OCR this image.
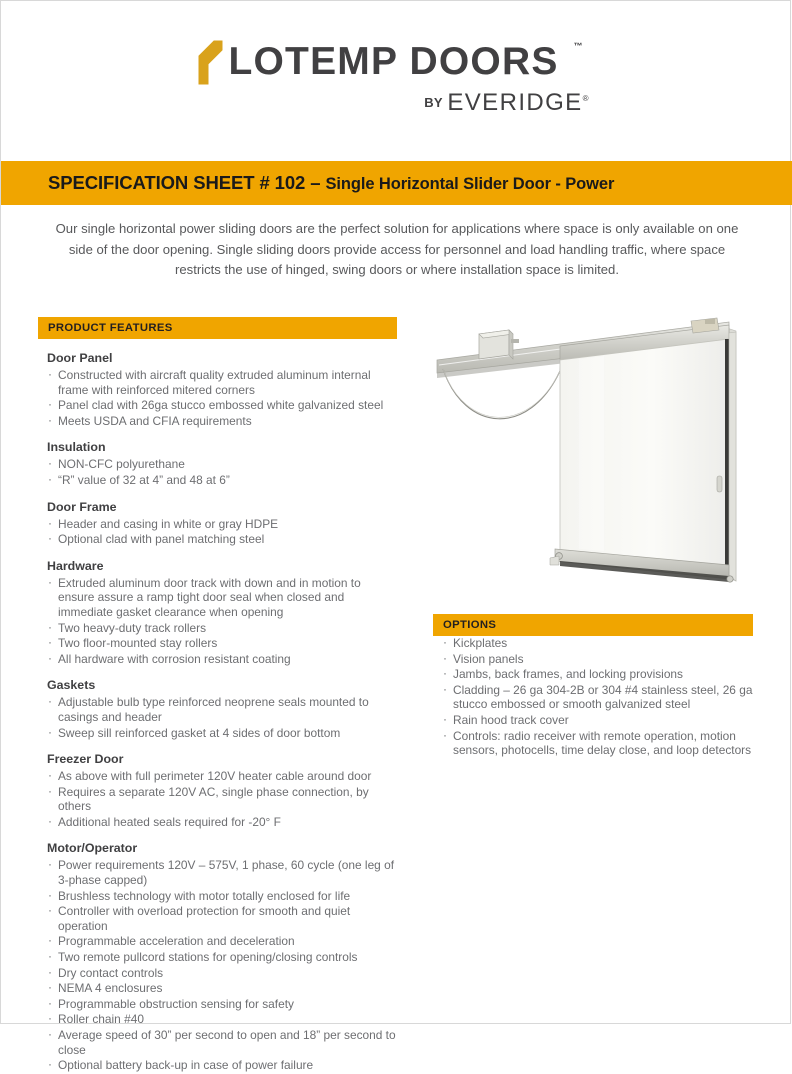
LOTEMP DOORS ™
BY EVERIDGE®
SPECIFICATION SHEET # 102 – Single Horizontal Slider Door - Power
Our single horizontal power sliding doors are the perfect solution for applications where space is only available on one side of the door opening. Single sliding doors provide access for personnel and load handling traffic, where space restricts the use of hinged, swing doors or where installation space is limited.
PRODUCT FEATURES
Door Panel
· Constructed with aircraft quality extruded aluminum internal frame with reinforced mitered corners
· Panel clad with 26ga stucco embossed white galvanized steel
· Meets USDA and CFIA requirements
Insulation
· NON-CFC polyurethane
· “R” value of 32 at 4” and 48 at 6”
Door Frame
· Header and casing in white or gray HDPE
· Optional clad with panel matching steel
Hardware
· Extruded aluminum door track with down and in motion to ensure assure a ramp tight door seal when closed and immediate gasket clearance when opening
· Two heavy-duty track rollers
· Two floor-mounted stay rollers
· All hardware with corrosion resistant coating
Gaskets
· Adjustable bulb type reinforced neoprene seals mounted to casings and header
· Sweep sill reinforced gasket at 4 sides of door bottom
Freezer Door
· As above with full perimeter 120V heater cable around door
· Requires a separate 120V AC, single phase connection, by others
· Additional heated seals required for -20° F
Motor/Operator
· Power requirements 120V – 575V, 1 phase, 60 cycle (one leg of 3-phase capped)
· Brushless technology with motor totally enclosed for life
· Controller with overload protection for smooth and quiet operation
· Programmable acceleration and deceleration
· Two remote pullcord stations for opening/closing controls
· Dry contact controls
· NEMA 4 enclosures
· Programmable obstruction sensing for safety
· Roller chain #40
· Average speed of 30” per second to open and 18” per second to close
· Optional battery back-up in case of power failure
OPTIONS
· Kickplates
· Vision panels
· Jambs, back frames, and locking provisions
· Cladding – 26 ga 304-2B or 304 #4 stainless steel, 26 ga stucco embossed or smooth galvanized steel
· Rain hood track cover
· Controls: radio receiver with remote operation, motion sensors, photocells, time delay close, and loop detectors
